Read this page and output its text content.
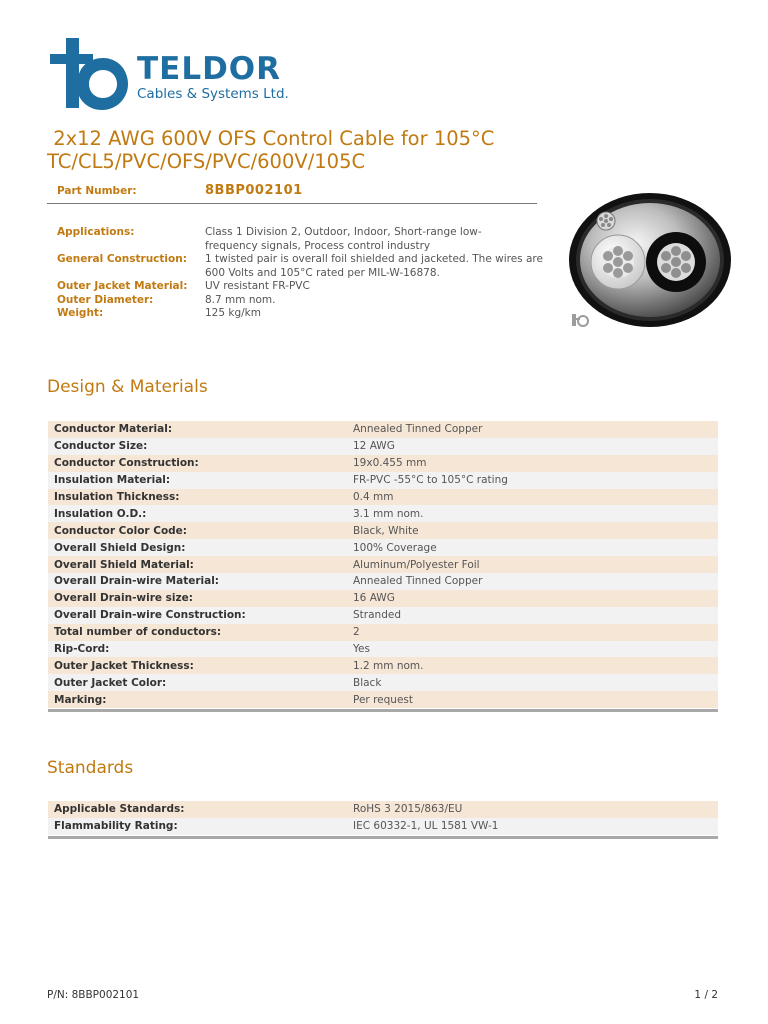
TELDOR
Cables & Systems Ltd.
2x12 AWG 600V OFS Control Cable for 105°C
TC/CL5/PVC/OFS/PVC/600V/105C
Part Number:	8BBP002101
Applications:	Class 1 Division 2, Outdoor, Indoor, Short-range low-frequency signals, Process control industry
General Construction: 1 twisted pair is overall foil shielded and jacketed. The wires are 600 Volts and 105°C rated per MIL-W-16878.
Outer Jacket Material: UV resistant FR-PVC
Outer Diameter:	8.7 mm nom.
Weight:	125 kg/km
Design & Materials
Conductor Material:	Annealed Tinned Copper
Conductor Size:	12 AWG
Conductor Construction:	19x0.455 mm
Insulation Material:	FR-PVC -55°C to 105°C rating
Insulation Thickness:	0.4 mm
Insulation O.D.:	3.1 mm nom.
Conductor Color Code:	Black, White
Overall Shield Design:	100% Coverage
Overall Shield Material:	Aluminum/Polyester Foil
Overall Drain-wire Material:	Annealed Tinned Copper
Overall Drain-wire size:	16 AWG
Overall Drain-wire Construction:	Stranded
Total number of conductors:	2
Rip-Cord:	Yes
Outer Jacket Thickness:	1.2 mm nom.
Outer Jacket Color:	Black
Marking:	Per request
Standards
Applicable Standards:	RoHS 3 2015/863/EU
Flammability Rating:	IEC 60332-1, UL 1581 VW-1
P/N: 8BBP002101	1 / 2
